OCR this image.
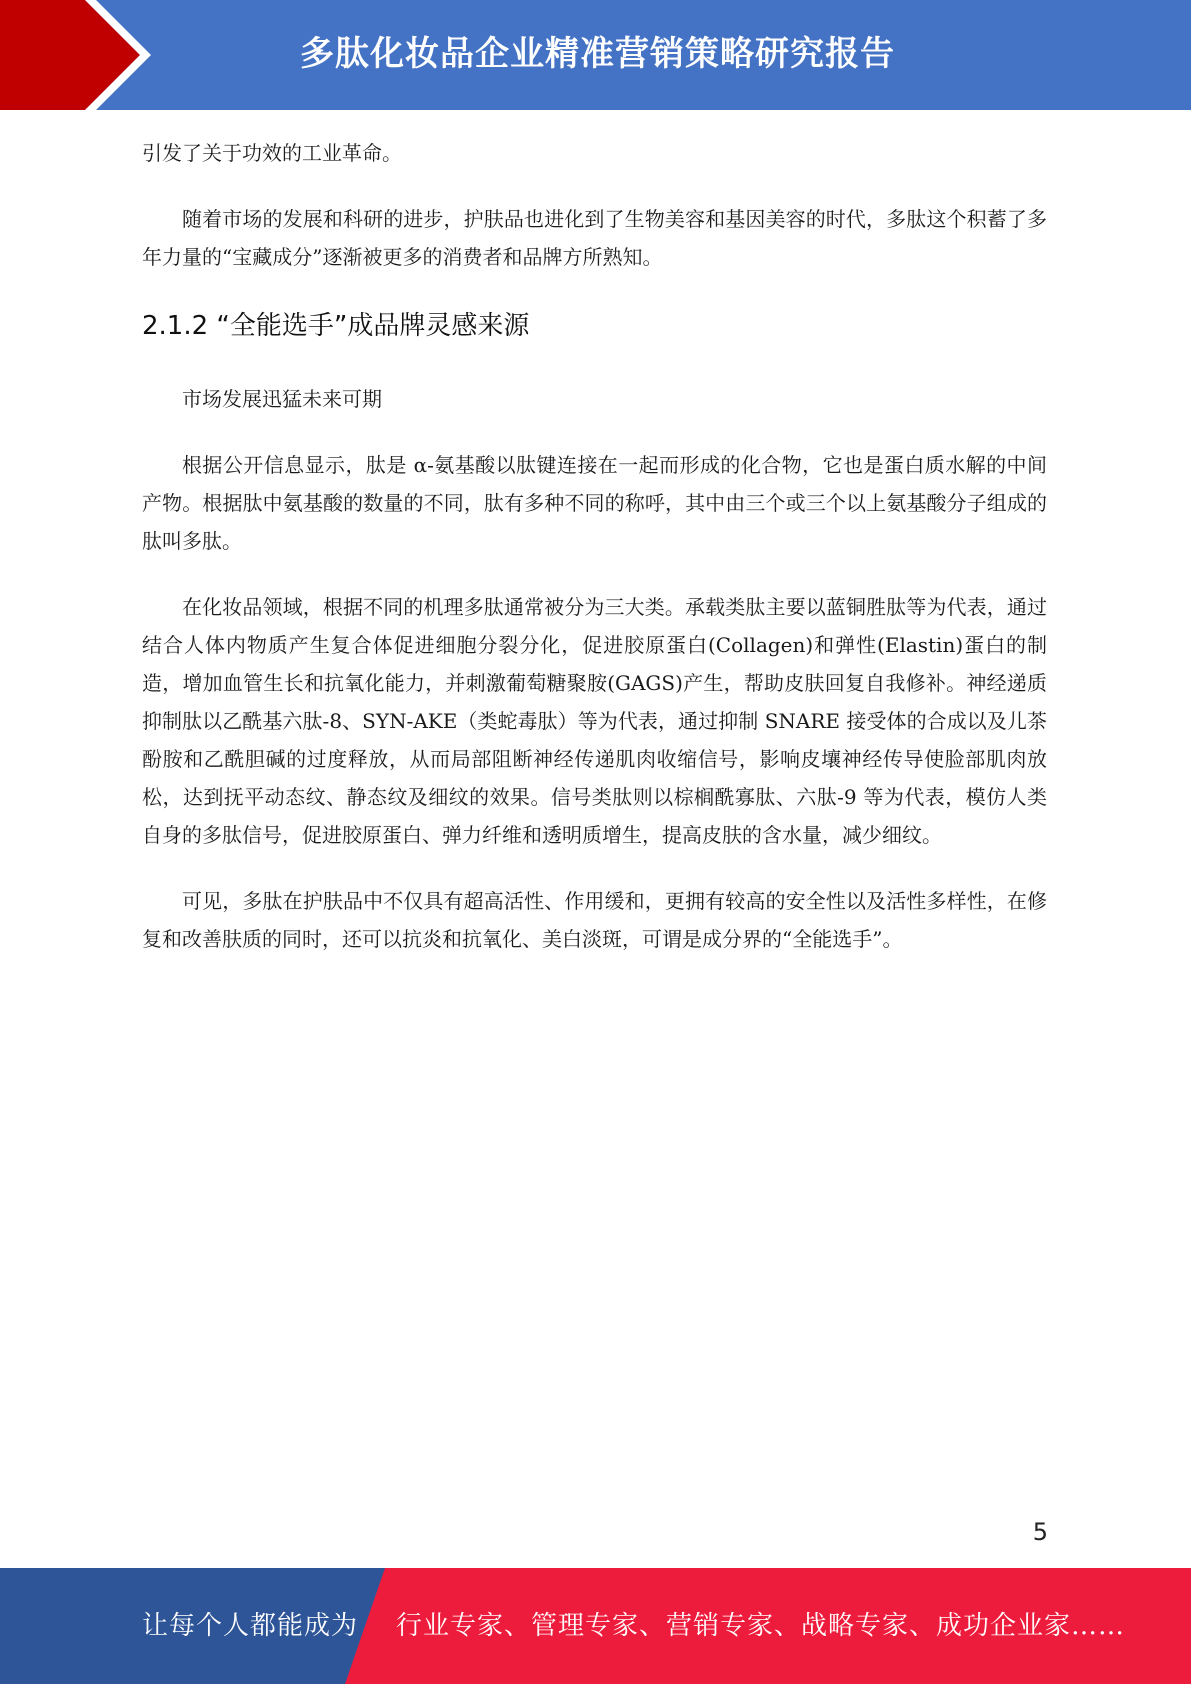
多肽化妆品企业精准营销策略研究报告

引发了关于功效的工业革命。

随着市场的发展和科研的进步，护肤品也进化到了生物美容和基因美容的时代，多肽这个积蓄了多年力量的“宝藏成分”逐渐被更多的消费者和品牌方所熟知。

2.1.2 “全能选手”成品牌灵感来源

市场发展迅猛未来可期

根据公开信息显示，肽是 α-氨基酸以肽键连接在一起而形成的化合物，它也是蛋白质水解的中间产物。根据肽中氨基酸的数量的不同，肽有多种不同的称呼，其中由三个或三个以上氨基酸分子组成的肽叫多肽。

在化妆品领域，根据不同的机理多肽通常被分为三大类。承载类肽主要以蓝铜胜肽等为代表，通过结合人体内物质产生复合体促进细胞分裂分化，促进胶原蛋白(Collagen)和弹性(Elastin)蛋白的制造，增加血管生长和抗氧化能力，并刺激葡萄糖聚胺(GAGS)产生，帮助皮肤回复自我修补。神经递质抑制肽以乙酰基六肽-8、SYN-AKE（类蛇毒肽）等为代表，通过抑制 SNARE 接受体的合成以及儿茶酚胺和乙酰胆碱的过度释放，从而局部阻断神经传递肌肉收缩信号，影响皮壤神经传导使脸部肌肉放松，达到抚平动态纹、静态纹及细纹的效果。信号类肽则以棕榈酰寡肽、六肽-9 等为代表，模仿人类自身的多肽信号，促进胶原蛋白、弹力纤维和透明质增生，提高皮肤的含水量，减少细纹。

可见，多肽在护肤品中不仅具有超高活性、作用缓和，更拥有较高的安全性以及活性多样性，在修复和改善肤质的同时，还可以抗炎和抗氧化、美白淡斑，可谓是成分界的“全能选手”。

5
让每个人都能成为 行业专家、管理专家、营销专家、战略专家、成功企业家……
